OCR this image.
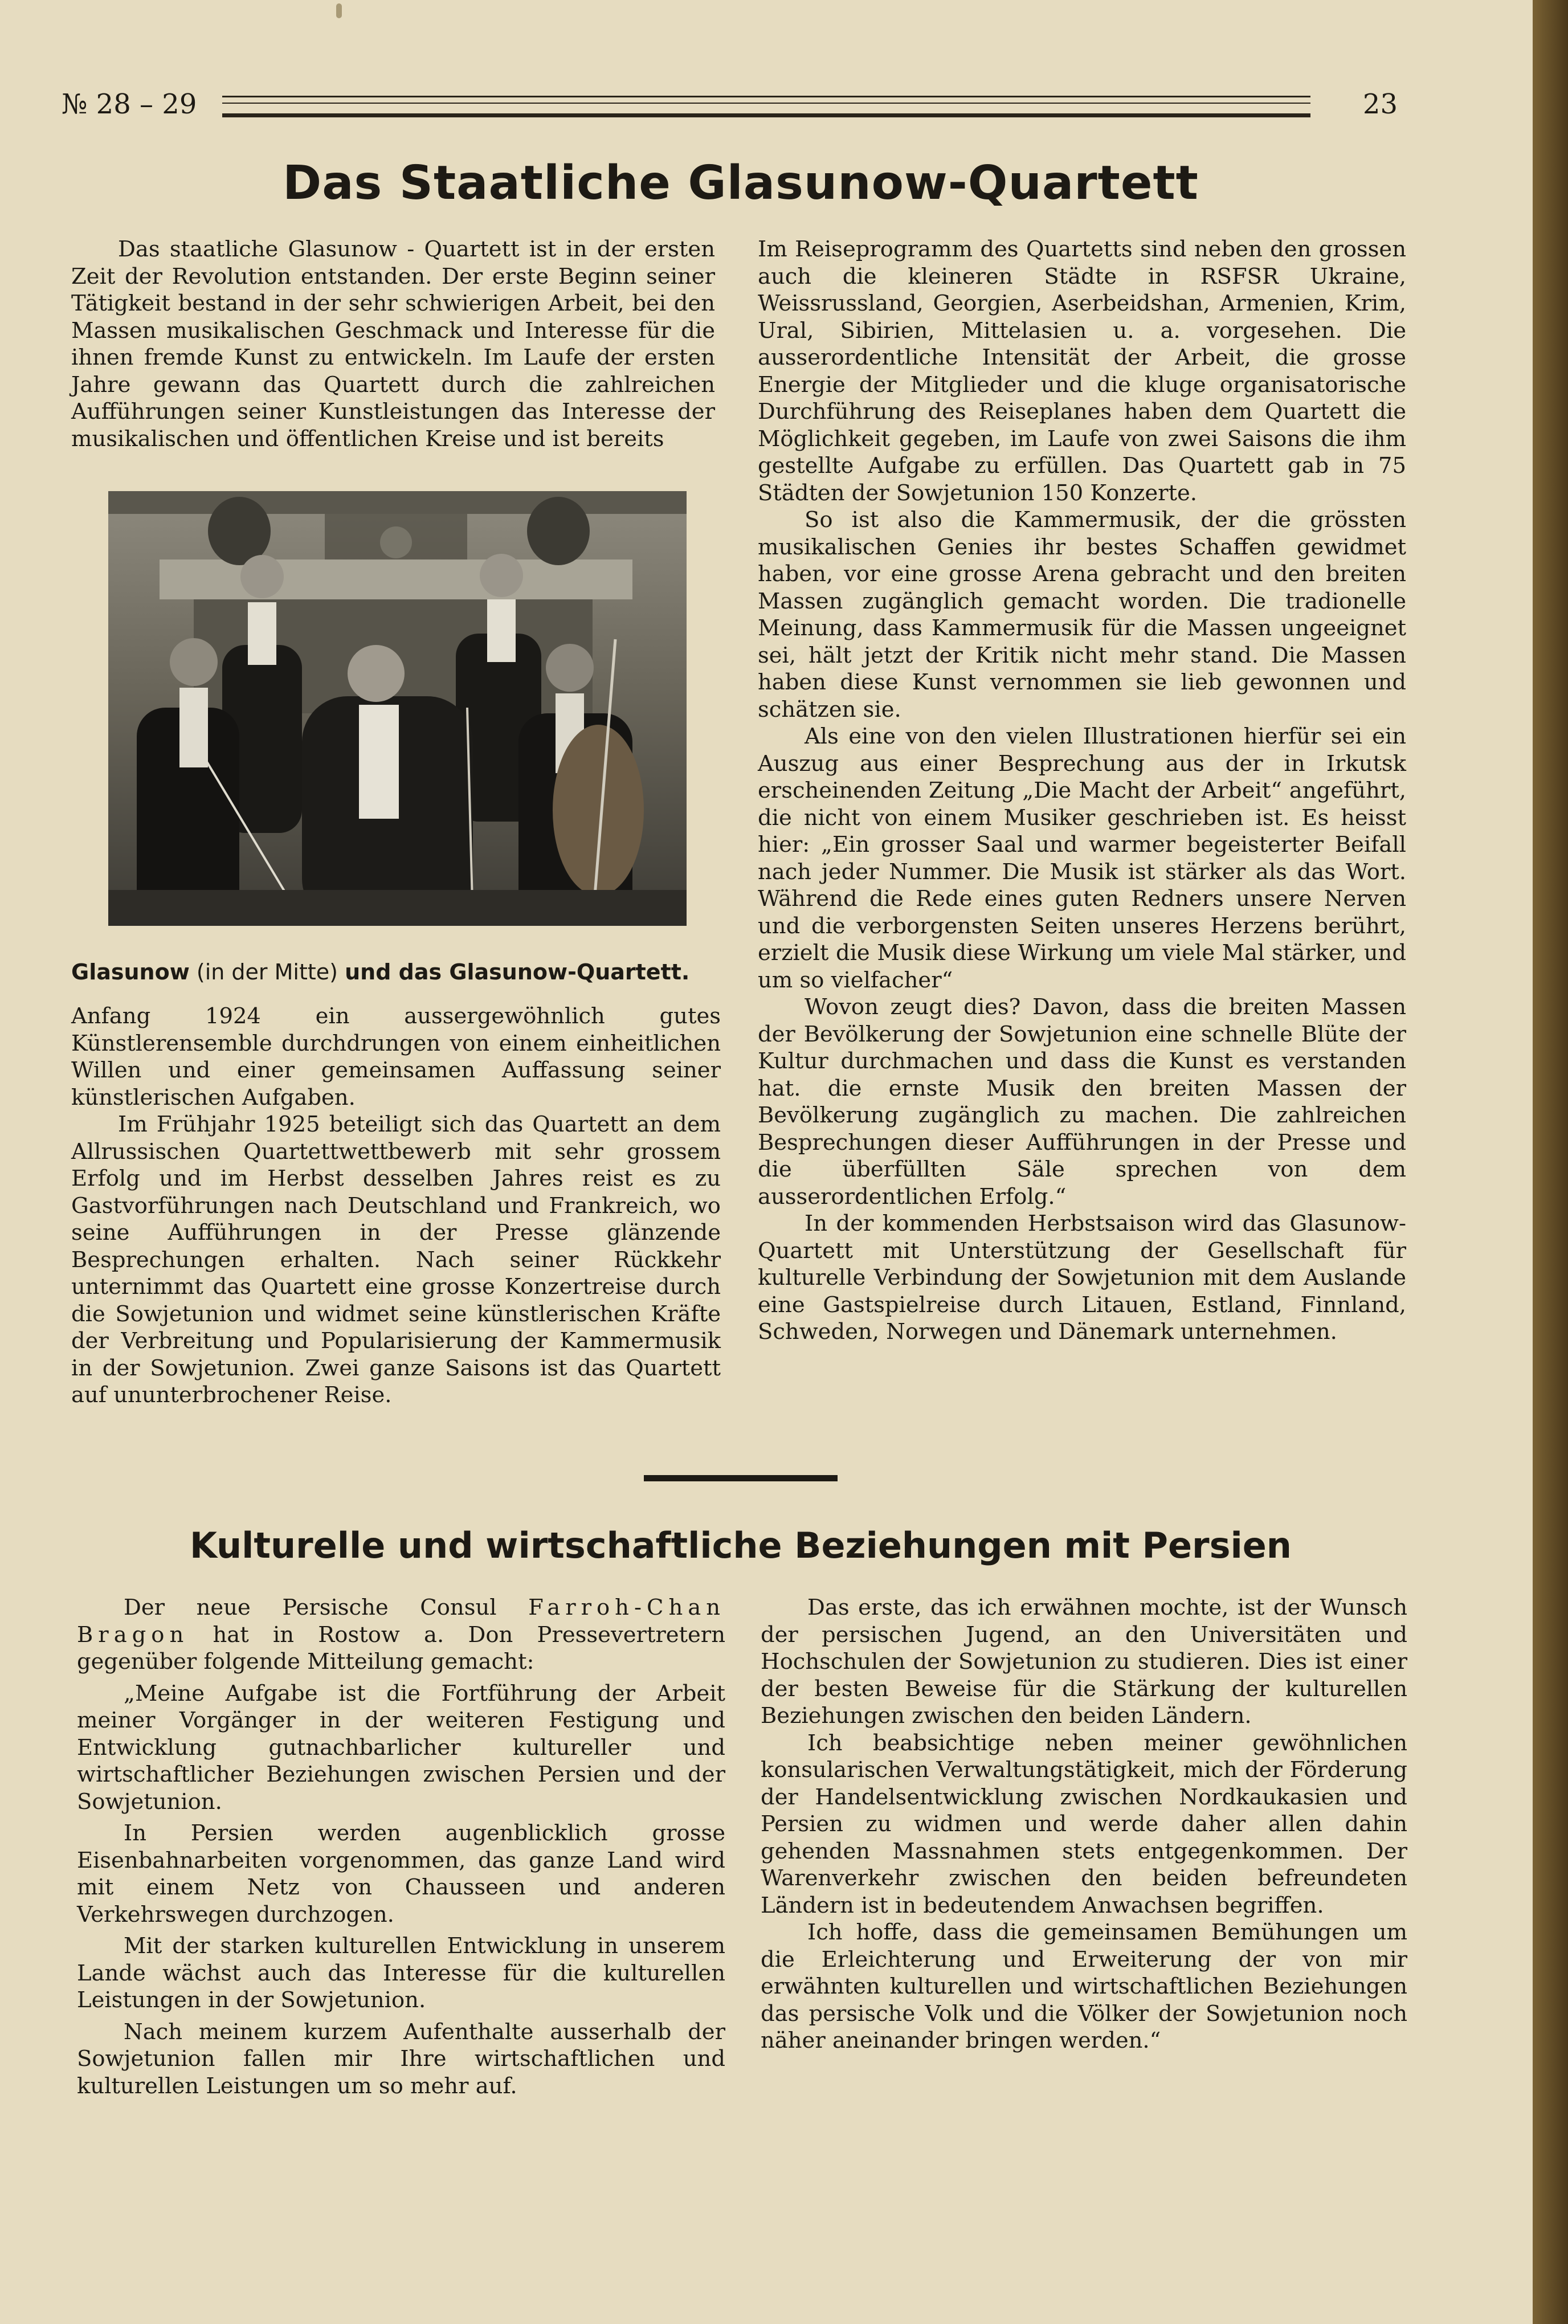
№ 28 – 29	23
Das Staatliche Glasunow-Quartett

Das staatliche Glasunow - Quartett ist in der ersten Zeit der Revolution entstanden. Der erste Beginn seiner Tätigkeit bestand in der sehr schwierigen Arbeit, bei den Massen musikalischen Geschmack und Interesse für die ihnen fremde Kunst zu entwickeln. Im Laufe der ersten Jahre gewann das Quartett durch die zahlreichen Aufführungen seiner Kunstleistungen das Interesse der musikalischen und öffentlichen Kreise und ist bereits

Glasunow (in der Mitte) und das Glasunow-Quartett.

Anfang 1924 ein aussergewöhnlich gutes Künstlerensemble durchdrungen von einem einheitlichen Willen und einer gemeinsamen Auffassung seiner künstlerischen Aufgaben.

Im Frühjahr 1925 beteiligt sich das Quartett an dem Allrussischen Quartettwettbewerb mit sehr grossem Erfolg und im Herbst desselben Jahres reist es zu Gastvorführungen nach Deutschland und Frankreich, wo seine Aufführungen in der Presse glänzende Besprechungen erhalten. Nach seiner Rückkehr unternimmt das Quartett eine grosse Konzertreise durch die Sowjetunion und widmet seine künstlerischen Kräfte der Verbreitung und Popularisierung der Kammermusik in der Sowjetunion. Zwei ganze Saisons ist das Quartett auf ununterbrochener Reise.

Im Reiseprogramm des Quartetts sind neben den grossen auch die kleineren Städte in RSFSR Ukraine, Weissrussland, Georgien, Aserbeidshan, Armenien, Krim, Ural, Sibirien, Mittelasien u. a. vorgesehen. Die ausserordentliche Intensität der Arbeit, die grosse Energie der Mitglieder und die kluge organisatorische Durchführung des Reiseplanes haben dem Quartett die Möglichkeit gegeben, im Laufe von zwei Saisons die ihm gestellte Aufgabe zu erfüllen. Das Quartett gab in 75 Städten der Sowjetunion 150 Konzerte.

So ist also die Kammermusik, der die grössten musikalischen Genies ihr bestes Schaffen gewidmet haben, vor eine grosse Arena gebracht und den breiten Massen zugänglich gemacht worden. Die tradionelle Meinung, dass Kammermusik für die Massen ungeeignet sei, hält jetzt der Kritik nicht mehr stand. Die Massen haben diese Kunst vernommen sie lieb gewonnen und schätzen sie.

Als eine von den vielen Illustrationen hierfür sei ein Auszug aus einer Besprechung aus der in Irkutsk erscheinenden Zeitung „Die Macht der Arbeit“ angeführt, die nicht von einem Musiker geschrieben ist. Es heisst hier: „Ein grosser Saal und warmer begeisterter Beifall nach jeder Nummer. Die Musik ist stärker als das Wort. Während die Rede eines guten Redners unsere Nerven und die verborgensten Seiten unseres Herzens berührt, erzielt die Musik diese Wirkung um viele Mal stärker, und um so vielfacher“

Wovon zeugt dies? Davon, dass die breiten Massen der Bevölkerung der Sowjetunion eine schnelle Blüte der Kultur durchmachen und dass die Kunst es verstanden hat. die ernste Musik den breiten Massen der Bevölkerung zugänglich zu machen. Die zahlreichen Besprechungen dieser Aufführungen in der Presse und die überfüllten Säle sprechen von dem ausserordentlichen Erfolg.“

In der kommenden Herbstsaison wird das Glasunow-Quartett mit Unterstützung der Gesellschaft für kulturelle Verbindung der Sowjetunion mit dem Auslande eine Gastspielreise durch Litauen, Estland, Finnland, Schweden, Norwegen und Dänemark unternehmen.

Kulturelle und wirtschaftliche Beziehungen mit Persien

Der neue Persische Consul Farroh-Chan Bragon hat in Rostow a. Don Pressevertretern gegenüber folgende Mitteilung gemacht:

„Meine Aufgabe ist die Fortführung der Arbeit meiner Vorgänger in der weiteren Festigung und Entwicklung gutnachbarlicher kultureller und wirtschaftlicher Beziehungen zwischen Persien und der Sowjetunion.

In Persien werden augenblicklich grosse Eisenbahnarbeiten vorgenommen, das ganze Land wird mit einem Netz von Chausseen und anderen Verkehrswegen durchzogen.

Mit der starken kulturellen Entwicklung in unserem Lande wächst auch das Interesse für die kulturellen Leistungen in der Sowjetunion.

Nach meinem kurzem Aufenthalte ausserhalb der Sowjetunion fallen mir Ihre wirtschaftlichen und kulturellen Leistungen um so mehr auf.

Das erste, das ich erwähnen mochte, ist der Wunsch der persischen Jugend, an den Universitäten und Hochschulen der Sowjetunion zu studieren. Dies ist einer der besten Beweise für die Stärkung der kulturellen Beziehungen zwischen den beiden Ländern.

Ich beabsichtige neben meiner gewöhnlichen konsularischen Verwaltungstätigkeit, mich der Förderung der Handelsentwicklung zwischen Nordkaukasien und Persien zu widmen und werde daher allen dahin gehenden Massnahmen stets entgegenkommen. Der Warenverkehr zwischen den beiden befreundeten Ländern ist in bedeutendem Anwachsen begriffen.

Ich hoffe, dass die gemeinsamen Bemühungen um die Erleichterung und Erweiterung der von mir erwähnten kulturellen und wirtschaftlichen Beziehungen das persische Volk und die Völker der Sowjetunion noch näher aneinander bringen werden.“
